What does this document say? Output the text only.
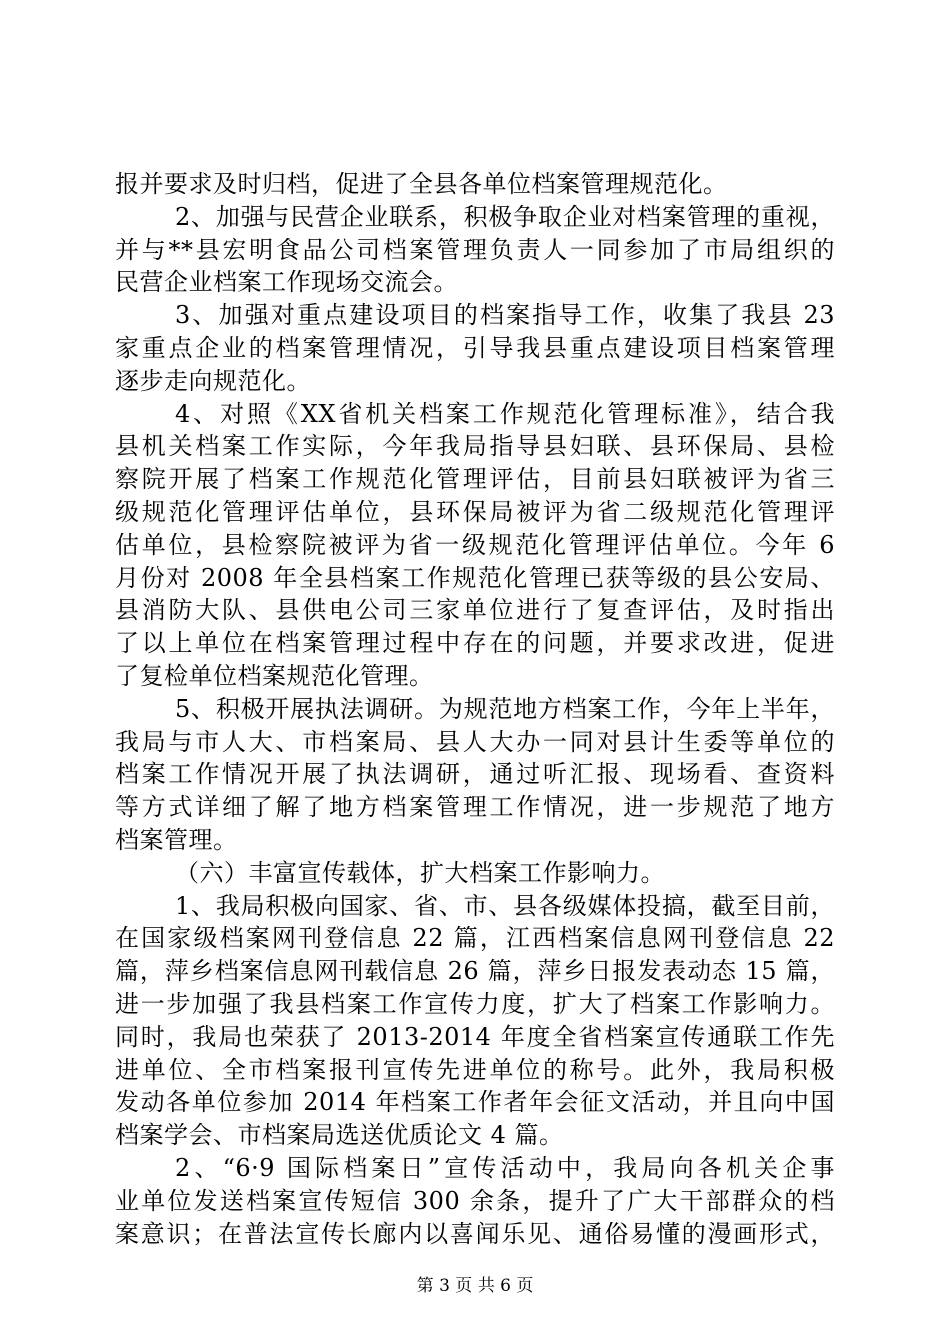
报并要求及时归档，促进了全县各单位档案管理规范化。
2、加强与民营企业联系，积极争取企业对档案管理的重视，
并与**县宏明食品公司档案管理负责人一同参加了市局组织的
民营企业档案工作现场交流会。
3、加强对重点建设项目的档案指导工作，收集了我县 23
家重点企业的档案管理情况，引导我县重点建设项目档案管理
逐步走向规范化。
4、对照《XX省机关档案工作规范化管理标准》，结合我
县机关档案工作实际，今年我局指导县妇联、县环保局、县检
察院开展了档案工作规范化管理评估，目前县妇联被评为省三
级规范化管理评估单位，县环保局被评为省二级规范化管理评
估单位，县检察院被评为省一级规范化管理评估单位。今年 6
月份对 2008 年全县档案工作规范化管理已获等级的县公安局、
县消防大队、县供电公司三家单位进行了复查评估，及时指出
了以上单位在档案管理过程中存在的问题，并要求改进，促进
了复检单位档案规范化管理。
5、积极开展执法调研。为规范地方档案工作，今年上半年，
我局与市人大、市档案局、县人大办一同对县计生委等单位的
档案工作情况开展了执法调研，通过听汇报、现场看、查资料
等方式详细了解了地方档案管理工作情况，进一步规范了地方
档案管理。
（六）丰富宣传载体，扩大档案工作影响力。
1、我局积极向国家、省、市、县各级媒体投搞，截至目前，
在国家级档案网刊登信息 22 篇，江西档案信息网刊登信息 22
篇，萍乡档案信息网刊载信息 26 篇，萍乡日报发表动态 15 篇，
进一步加强了我县档案工作宣传力度，扩大了档案工作影响力。
同时，我局也荣获了 2013-2014 年度全省档案宣传通联工作先
进单位、全市档案报刊宣传先进单位的称号。此外，我局积极
发动各单位参加 2014 年档案工作者年会征文活动，并且向中国
档案学会、市档案局选送优质论文 4 篇。
2、“6·9 国际档案日”宣传活动中，我局向各机关企事
业单位发送档案宣传短信 300 余条，提升了广大干部群众的档
案意识；在普法宣传长廊内以喜闻乐见、通俗易懂的漫画形式，
第 3 页 共 6 页
